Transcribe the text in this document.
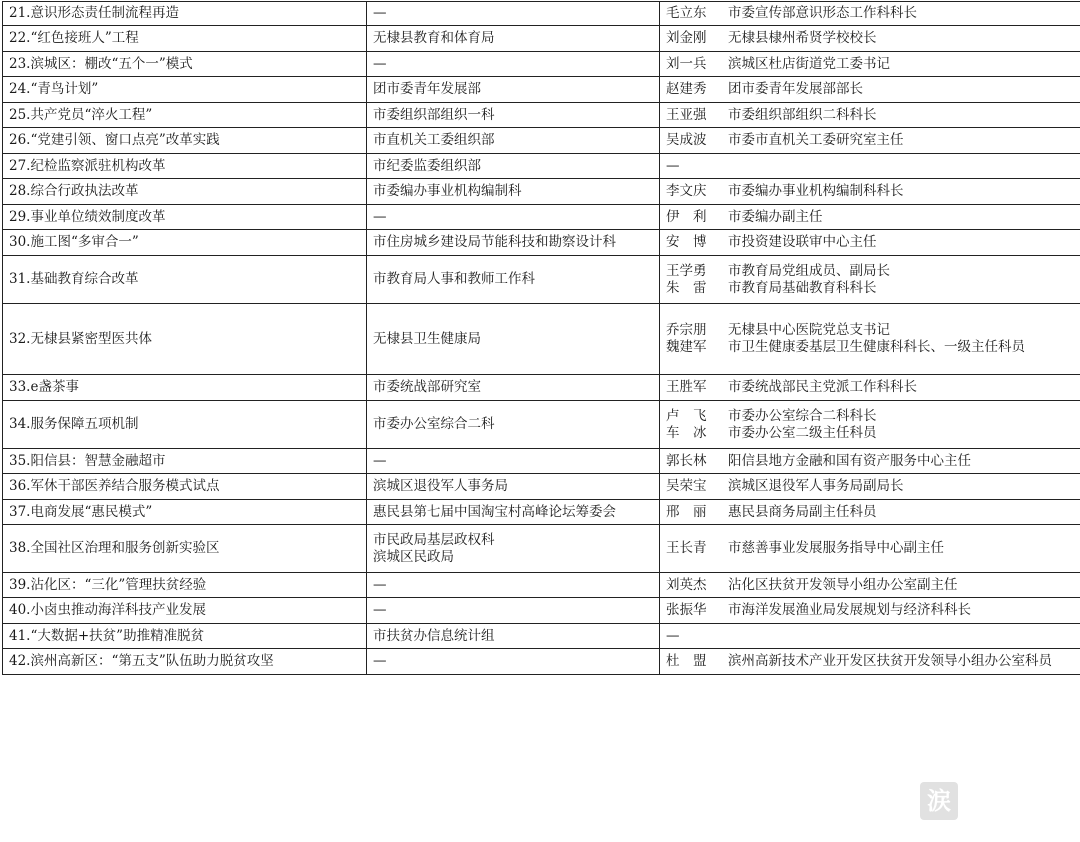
21.意识形态责任制流程再造	—	毛立东 市委宣传部意识形态工作科科长

22.“红色接班人”工程	无棣县教育和体育局	刘金刚 无棣县棣州希贤学校校长

23.滨城区：棚改“五个一”模式	—	刘一兵 滨城区杜店街道党工委书记

24.“青鸟计划”	团市委青年发展部	赵建秀 团市委青年发展部部长

25.共产党员“淬火工程”	市委组织部组织一科	王亚强 市委组织部组织二科科长

26.“党建引领、窗口点亮”改革实践	市直机关工委组织部	吴成波 市委市直机关工委研究室主任

27.纪检监察派驻机构改革	市纪委监委组织部	—

28.综合行政执法改革	市委编办事业机构编制科	李文庆 市委编办事业机构编制科科长

29.事业单位绩效制度改革	—	伊　利 市委编办副主任

30.施工图“多审合一”	市住房城乡建设局节能科技和勘察设计科	安　博 市投资建设联审中心主任

31.基础教育综合改革	市教育局人事和教师工作科	王学勇 市教育局党组成员、副局长
朱　雷 市教育局基础教育科科长

32.无棣县紧密型医共体	无棣县卫生健康局	乔宗朋 无棣县中心医院党总支书记
魏建军 市卫生健康委基层卫生健康科科长、一级主任科员

33.e盏茶事	市委统战部研究室	王胜军 市委统战部民主党派工作科科长

34.服务保障五项机制	市委办公室综合二科	卢　飞 市委办公室综合二科科长
车　冰 市委办公室二级主任科员

35.阳信县：智慧金融超市	—	郭长林 阳信县地方金融和国有资产服务中心主任

36.军休干部医养结合服务模式试点	滨城区退役军人事务局	吴荣宝 滨城区退役军人事务局副局长

37.电商发展“惠民模式”	惠民县第七届中国淘宝村高峰论坛筹委会	邢　丽 惠民县商务局副主任科员

38.全国社区治理和服务创新实验区	市民政局基层政权科
滨城区民政局	王长青 市慈善事业发展服务指导中心副主任

39.沾化区：“三化”管理扶贫经验	—	刘英杰 沾化区扶贫开发领导小组办公室副主任

40.小卤虫推动海洋科技产业发展	—	张振华 市海洋发展渔业局发展规划与经济科科长

41.“大数据+扶贫”助推精准脱贫	市扶贫办信息统计组	—

42.滨州高新区：“第五支”队伍助力脱贫攻坚	—	杜　盟 滨州高新技术产业开发区扶贫开发领导小组办公室科员
涙
